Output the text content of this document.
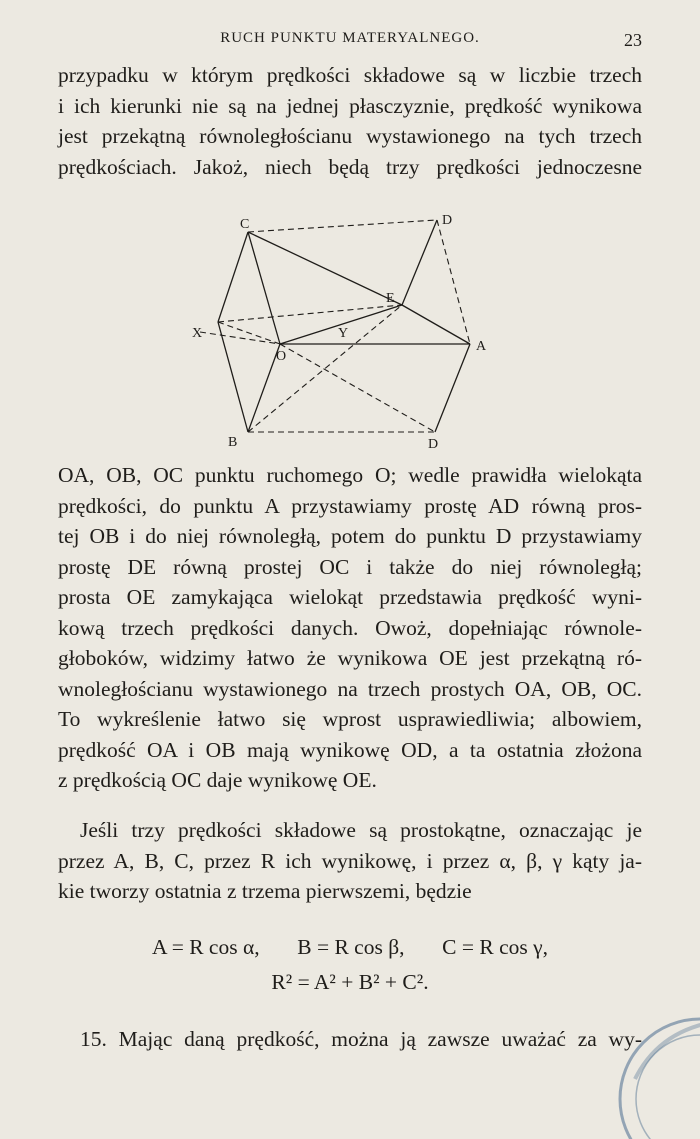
RUCH PUNKTU MATERYALNEGO.	23
przypadku w którym prędkości składowe są w liczbie trzech
i ich kierunki nie są na jednej płasczyznie, prędkość wynikowa
jest przekątną równoległościanu wystawionego na tych trzech
prędkościach. Jakoż, niech będą trzy prędkości jednoczesne
C	D
E
X	Y
O
A
B	D
OA, OB, OC punktu ruchomego O; wedle prawidła wielokąta
prędkości, do punktu A przystawiamy prostę AD równą pros-
tej OB i do niej równoległą, potem do punktu D przystawiamy
prostę DE równą prostej OC i także do niej równoległą;
prosta OE zamykająca wielokąt przedstawia prędkość wyni-
kową trzech prędkości danych. Owoż, dopełniając równole-
głoboków, widzimy łatwo że wynikowa OE jest przekątną ró-
wnoległościanu wystawionego na trzech prostych OA, OB, OC.
To wykreślenie łatwo się wprost usprawiedliwia; albowiem,
prędkość OA i OB mają wynikowę OD, a ta ostatnia złożona
z prędkością OC daje wynikowę OE.
Jeśli trzy prędkości składowe są prostokątne, oznaczając je
przez A, B, C, przez R ich wynikowę, i przez α, β, γ kąty ja-
kie tworzy ostatnia z trzema pierwszemi, będzie
A = R cos α,       B = R cos β,       C = R cos γ,
R² = A² + B² + C².
15. Mając daną prędkość, można ją zawsze uważać za wy-
